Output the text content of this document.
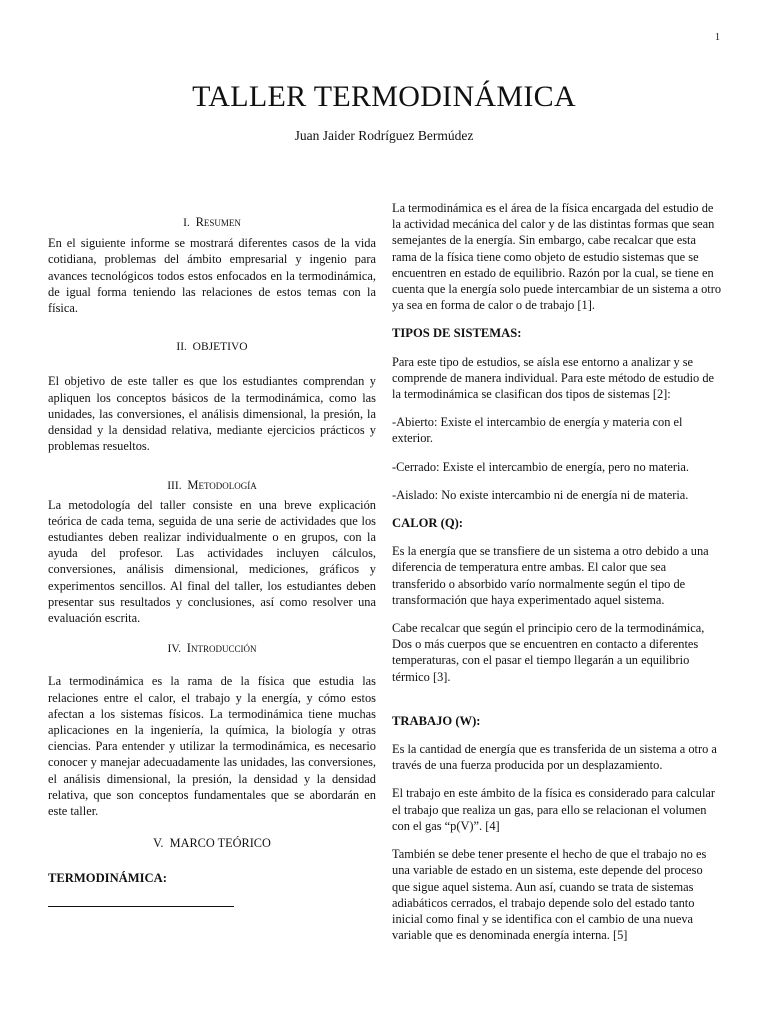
1
TALLER TERMODINÁMICA
Juan Jaider Rodríguez Bermúdez

I. Resumen

En el siguiente informe se mostrará diferentes casos de la vida cotidiana, problemas del ámbito empresarial y ingenio para avances tecnológicos todos estos enfocados en la termodinámica, de igual forma teniendo las relaciones de estos temas con la física.

II. OBJETIVO

El objetivo de este taller es que los estudiantes comprendan y apliquen los conceptos básicos de la termodinámica, como las unidades, las conversiones, el análisis dimensional, la presión, la densidad y la densidad relativa, mediante ejercicios prácticos y problemas resueltos.

III. Metodología

La metodología del taller consiste en una breve explicación teórica de cada tema, seguida de una serie de actividades que los estudiantes deben realizar individualmente o en grupos, con la ayuda del profesor. Las actividades incluyen cálculos, conversiones, análisis dimensional, mediciones, gráficos y experimentos sencillos. Al final del taller, los estudiantes deben presentar sus resultados y conclusiones, así como resolver una evaluación escrita.

IV. Introducción

La termodinámica es la rama de la física que estudia las relaciones entre el calor, el trabajo y la energía, y cómo estos afectan a los sistemas físicos. La termodinámica tiene muchas aplicaciones en la ingeniería, la química, la biología y otras ciencias. Para entender y utilizar la termodinámica, es necesario conocer y manejar adecuadamente las unidades, las conversiones, el análisis dimensional, la presión, la densidad y la densidad relativa, que son conceptos fundamentales que se abordarán en este taller.

V. MARCO TEÓRICO

TERMODINÁMICA:

La termodinámica es el área de la física encargada del estudio de la actividad mecánica del calor y de las distintas formas que sean semejantes de la energía. Sin embargo, cabe recalcar que esta rama de la física tiene como objeto de estudio sistemas que se encuentren en estado de equilibrio. Razón por la cual, se tiene en cuenta que la energía solo puede intercambiar de un sistema a otro ya sea en forma de calor o de trabajo [1].

TIPOS DE SISTEMAS:

Para este tipo de estudios, se aísla ese entorno a analizar y se comprende de manera individual. Para este método de estudio de la termodinámica se clasifican dos tipos de sistemas [2]:

-Abierto: Existe el intercambio de energía y materia con el exterior.

-Cerrado: Existe el intercambio de energía, pero no materia.

-Aislado: No existe intercambio ni de energía ni de materia.

CALOR (Q):

Es la energía que se transfiere de un sistema a otro debido a una diferencia de temperatura entre ambas. El calor que sea transferido o absorbido varío normalmente según el tipo de transformación que haya experimentado aquel sistema.

Cabe recalcar que según el principio cero de la termodinámica, Dos o más cuerpos que se encuentren en contacto a diferentes temperaturas, con el pasar el tiempo llegarán a un equilibrio térmico [3].

TRABAJO (W):

Es la cantidad de energía que es transferida de un sistema a otro a través de una fuerza producida por un desplazamiento.

El trabajo en este ámbito de la física es considerado para calcular el trabajo que realiza un gas, para ello se relacionan el volumen con el gas “p(V)”. [4]

También se debe tener presente el hecho de que el trabajo no es una variable de estado en un sistema, este depende del proceso que sigue aquel sistema. Aun así, cuando se trata de sistemas adiabáticos cerrados, el trabajo depende solo del estado tanto inicial como final y se identifica con el cambio de una nueva variable que es denominada energía interna. [5]
